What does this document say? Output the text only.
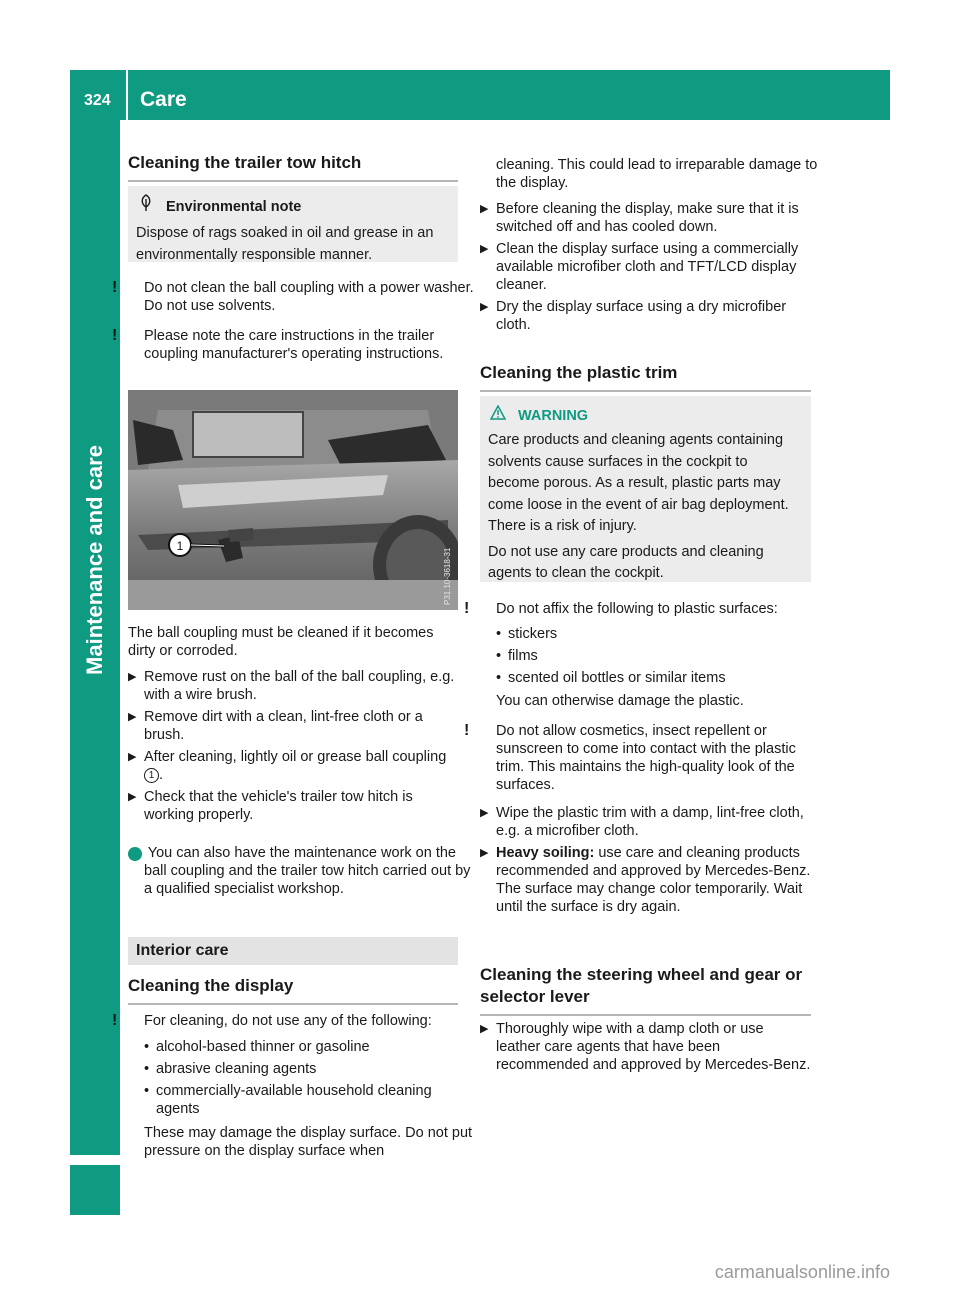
324 Care
Maintenance and care
Cleaning the trailer tow hitch
Environmental note
Dispose of rags soaked in oil and grease in an environmentally responsible manner.
! Do not clean the ball coupling with a power washer. Do not use solvents.
! Please note the care instructions in the trailer coupling manufacturer's operating instructions.
1
P31.10-3618-31
The ball coupling must be cleaned if it becomes dirty or corroded.
▶ Remove rust on the ball of the ball coupling, e.g. with a wire brush.
▶ Remove dirt with a clean, lint-free cloth or a brush.
▶ After cleaning, lightly oil or grease ball coupling 1 .
▶ Check that the vehicle's trailer tow hitch is working properly.
i You can also have the maintenance work on the ball coupling and the trailer tow hitch carried out by a qualified specialist workshop.
Interior care
Cleaning the display
! For cleaning, do not use any of the following:
• alcohol-based thinner or gasoline
• abrasive cleaning agents
• commercially-available household cleaning agents
These may damage the display surface. Do not put pressure on the display surface when
cleaning. This could lead to irreparable damage to the display.
▶ Before cleaning the display, make sure that it is switched off and has cooled down.
▶ Clean the display surface using a commercially available microfiber cloth and TFT/LCD display cleaner.
▶ Dry the display surface using a dry microfiber cloth.
Cleaning the plastic trim
WARNING
Care products and cleaning agents containing solvents cause surfaces in the cockpit to become porous. As a result, plastic parts may come loose in the event of air bag deployment. There is a risk of injury.
Do not use any care products and cleaning agents to clean the cockpit.
! Do not affix the following to plastic surfaces:
• stickers
• films
• scented oil bottles or similar items
You can otherwise damage the plastic.
! Do not allow cosmetics, insect repellent or sunscreen to come into contact with the plastic trim. This maintains the high-quality look of the surfaces.
▶ Wipe the plastic trim with a damp, lint-free cloth, e.g. a microfiber cloth.
▶ Heavy soiling: use care and cleaning products recommended and approved by Mercedes-Benz.
The surface may change color temporarily. Wait until the surface is dry again.
Cleaning the steering wheel and gear or selector lever
▶ Thoroughly wipe with a damp cloth or use leather care agents that have been recommended and approved by Mercedes-Benz.
carmanualsonline.info
